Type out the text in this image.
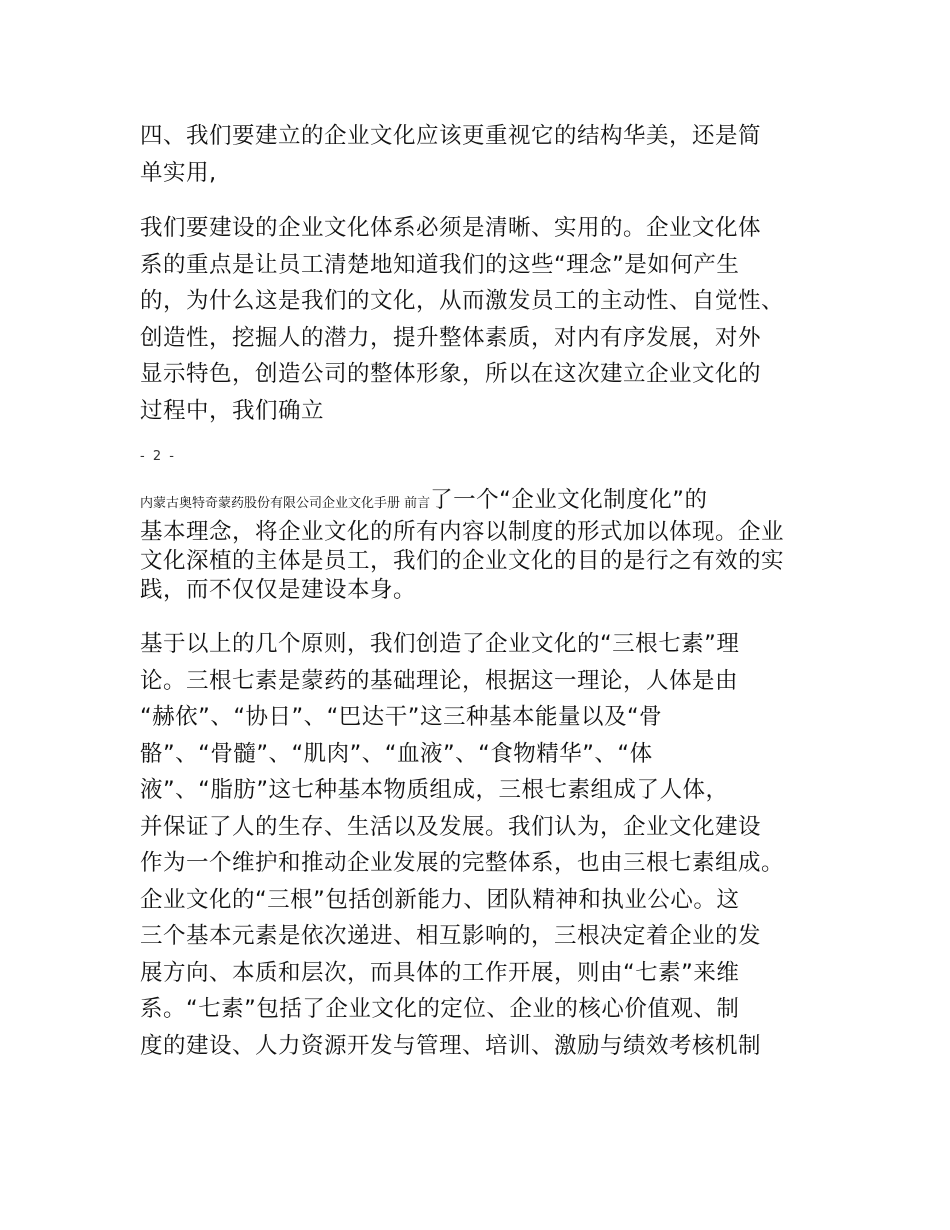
四、我们要建立的企业文化应该更重视它的结构华美，还是简

单实用,

我们要建设的企业文化体系必须是清晰、实用的。企业文化体

系的重点是让员工清楚地知道我们的这些“理念”是如何产生

的，为什么这是我们的文化，从而激发员工的主动性、自觉性、

创造性，挖掘人的潜力，提升整体素质，对内有序发展，对外

显示特色，创造公司的整体形象，所以在这次建立企业文化的

过程中，我们确立

- 2 -

内蒙古奥特奇蒙药股份有限公司企业文化手册 前言了一个“企业文化制度化”的

基本理念，将企业文化的所有内容以制度的形式加以体现。企业

文化深植的主体是员工，我们的企业文化的目的是行之有效的实

践，而不仅仅是建设本身。

基于以上的几个原则，我们创造了企业文化的“三根七素”理

论。三根七素是蒙药的基础理论，根据这一理论，人体是由

“赫依”、“协日”、“巴达干”这三种基本能量以及“骨

骼”、“骨髓”、“肌肉”、“血液”、“食物精华”、“体

液”、“脂肪”这七种基本物质组成，三根七素组成了人体，

并保证了人的生存、生活以及发展。我们认为，企业文化建设

作为一个维护和推动企业发展的完整体系，也由三根七素组成。

企业文化的“三根”包括创新能力、团队精神和执业公心。这

三个基本元素是依次递进、相互影响的，三根决定着企业的发

展方向、本质和层次，而具体的工作开展，则由“七素”来维

系。“七素”包括了企业文化的定位、企业的核心价值观、制

度的建设、人力资源开发与管理、培训、激励与绩效考核机制
